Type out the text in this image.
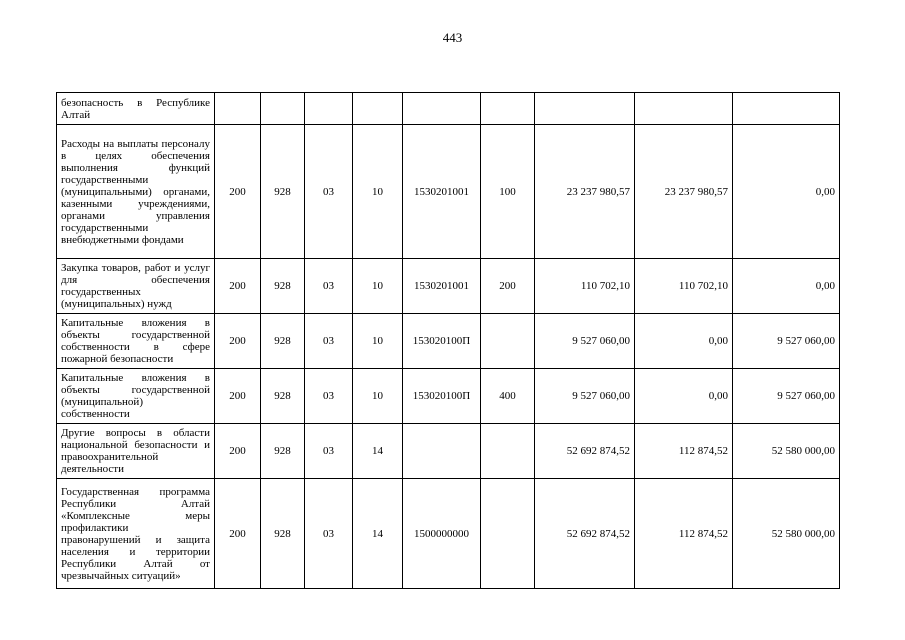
443
безопасность в Республике Алтай									
Расходы на выплаты персоналу в целях обеспечения выполнения функций государственными (муниципальными) органами, казенными учреждениями, органами управления государственными внебюджетными фондами	200	928	03	10	1530201001	100	23 237 980,57	23 237 980,57	0,00
Закупка товаров, работ и услуг для обеспечения государственных (муниципальных) нужд	200	928	03	10	1530201001	200	110 702,10	110 702,10	0,00
Капитальные вложения в объекты государственной собственности в сфере пожарной безопасности	200	928	03	10	153020100П		9 527 060,00	0,00	9 527 060,00
Капитальные вложения в объекты государственной (муниципальной) собственности	200	928	03	10	153020100П	400	9 527 060,00	0,00	9 527 060,00
Другие вопросы в области национальной безопасности и правоохранительной деятельности	200	928	03	14			52 692 874,52	112 874,52	52 580 000,00
Государственная программа Республики Алтай «Комплексные меры профилактики правонарушений и защита населения и территории Республики Алтай от чрезвычайных ситуаций»	200	928	03	14	1500000000		52 692 874,52	112 874,52	52 580 000,00
